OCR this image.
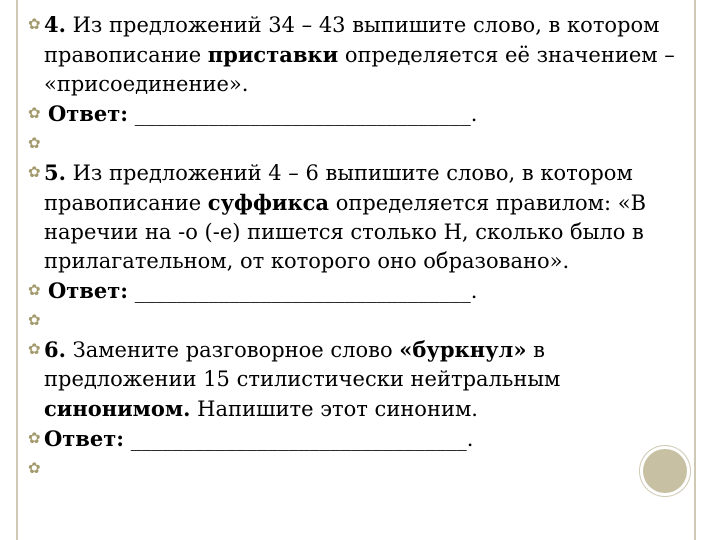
✿ 4. Из предложений 34 – 43 выпишите слово, в котором правописание приставки определяется её значением – «присоединение».
✿ Ответ: ________________________________.
✿
✿ 5. Из предложений 4 – 6 выпишите слово, в котором правописание суффикса определяется правилом: «В наречии на -о (-е) пишется столько Н, сколько было в прилагательном, от которого оно образовано».
✿ Ответ: ________________________________.
✿
✿ 6. Замените разговорное слово «буркнул» в предложении 15 стилистически нейтральным синонимом. Напишите этот синоним.
✿ Ответ: ________________________________.
✿
